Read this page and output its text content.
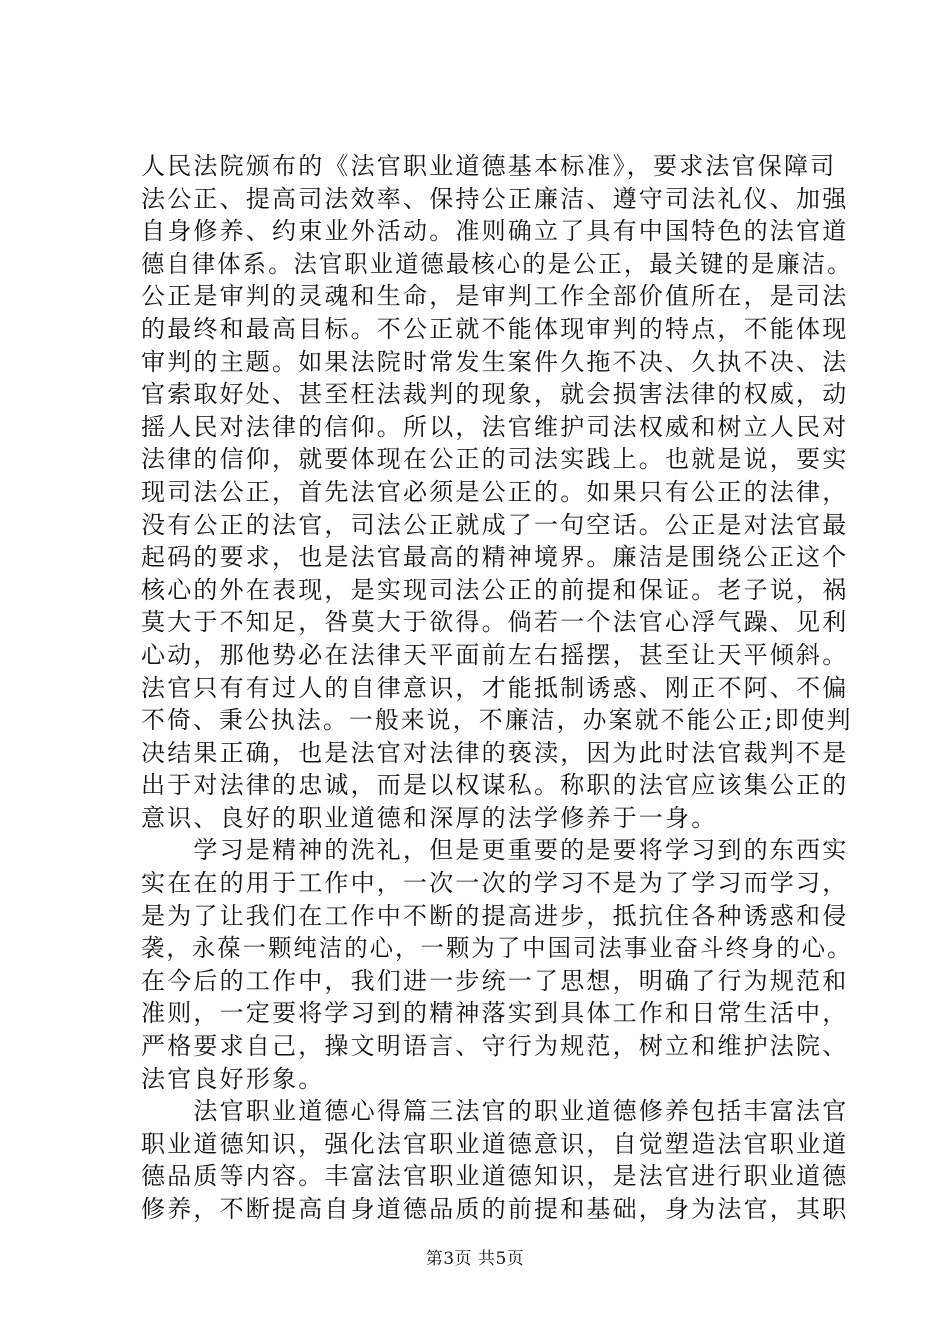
人民法院颁布的《法官职业道德基本标准》，要求法官保障司
法公正、提高司法效率、保持公正廉洁、遵守司法礼仪、加强
自身修养、约束业外活动。准则确立了具有中国特色的法官道
德自律体系。法官职业道德最核心的是公正，最关键的是廉洁。
公正是审判的灵魂和生命，是审判工作全部价值所在，是司法
的最终和最高目标。不公正就不能体现审判的特点，不能体现
审判的主题。如果法院时常发生案件久拖不决、久执不决、法
官索取好处、甚至枉法裁判的现象，就会损害法律的权威，动
摇人民对法律的信仰。所以，法官维护司法权威和树立人民对
法律的信仰，就要体现在公正的司法实践上。也就是说，要实
现司法公正，首先法官必须是公正的。如果只有公正的法律，
没有公正的法官，司法公正就成了一句空话。公正是对法官最
起码的要求，也是法官最高的精神境界。廉洁是围绕公正这个
核心的外在表现，是实现司法公正的前提和保证。老子说，祸
莫大于不知足，咎莫大于欲得。倘若一个法官心浮气躁、见利
心动，那他势必在法律天平面前左右摇摆，甚至让天平倾斜。
法官只有有过人的自律意识，才能抵制诱惑、刚正不阿、不偏
不倚、秉公执法。一般来说，不廉洁，办案就不能公正;即使判
决结果正确，也是法官对法律的亵渎，因为此时法官裁判不是
出于对法律的忠诚，而是以权谋私。称职的法官应该集公正的
意识、良好的职业道德和深厚的法学修养于一身。
　　学习是精神的洗礼，但是更重要的是要将学习到的东西实
实在在的用于工作中，一次一次的学习不是为了学习而学习，
是为了让我们在工作中不断的提高进步，抵抗住各种诱惑和侵
袭，永葆一颗纯洁的心，一颗为了中国司法事业奋斗终身的心。
在今后的工作中，我们进一步统一了思想，明确了行为规范和
准则，一定要将学习到的精神落实到具体工作和日常生活中，
严格要求自己，操文明语言、守行为规范，树立和维护法院、
法官良好形象。
　　法官职业道德心得篇三法官的职业道德修养包括丰富法官
职业道德知识，强化法官职业道德意识，自觉塑造法官职业道
德品质等内容。丰富法官职业道德知识，是法官进行职业道德
修养，不断提高自身道德品质的前提和基础，身为法官，其职
第3页 共5页
